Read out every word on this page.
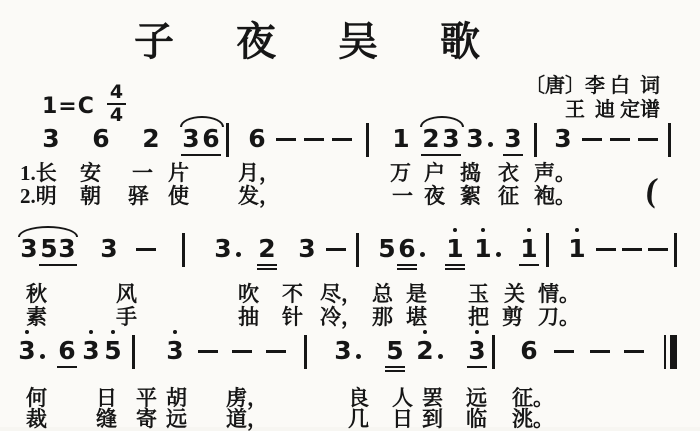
子 夜 吴 歌
1=C
4
4
〔唐〕李 白  词
王  迪 定谱
3 6 2 3 6 6	1 2 3 3 3 3
1.长 安 一 片 月，	万 户 捣 衣 声。
2.明 朝 驿 使 发，	一 夜 絮 征 袍。
3 5 3 3	3 2 3	5 6 1 1 1 1
秋	风	吹 不 尽， 总 是 玉 关 情。
素	手	抽 针 冷， 那 堪 把 剪 刀。
3 6 3 5 3	3 5 2 3 6
何 日 平 胡 虏，	良 人 罢 远 征。
裁 缝 寄 远 道，	几 日 到 临 洮。
(
